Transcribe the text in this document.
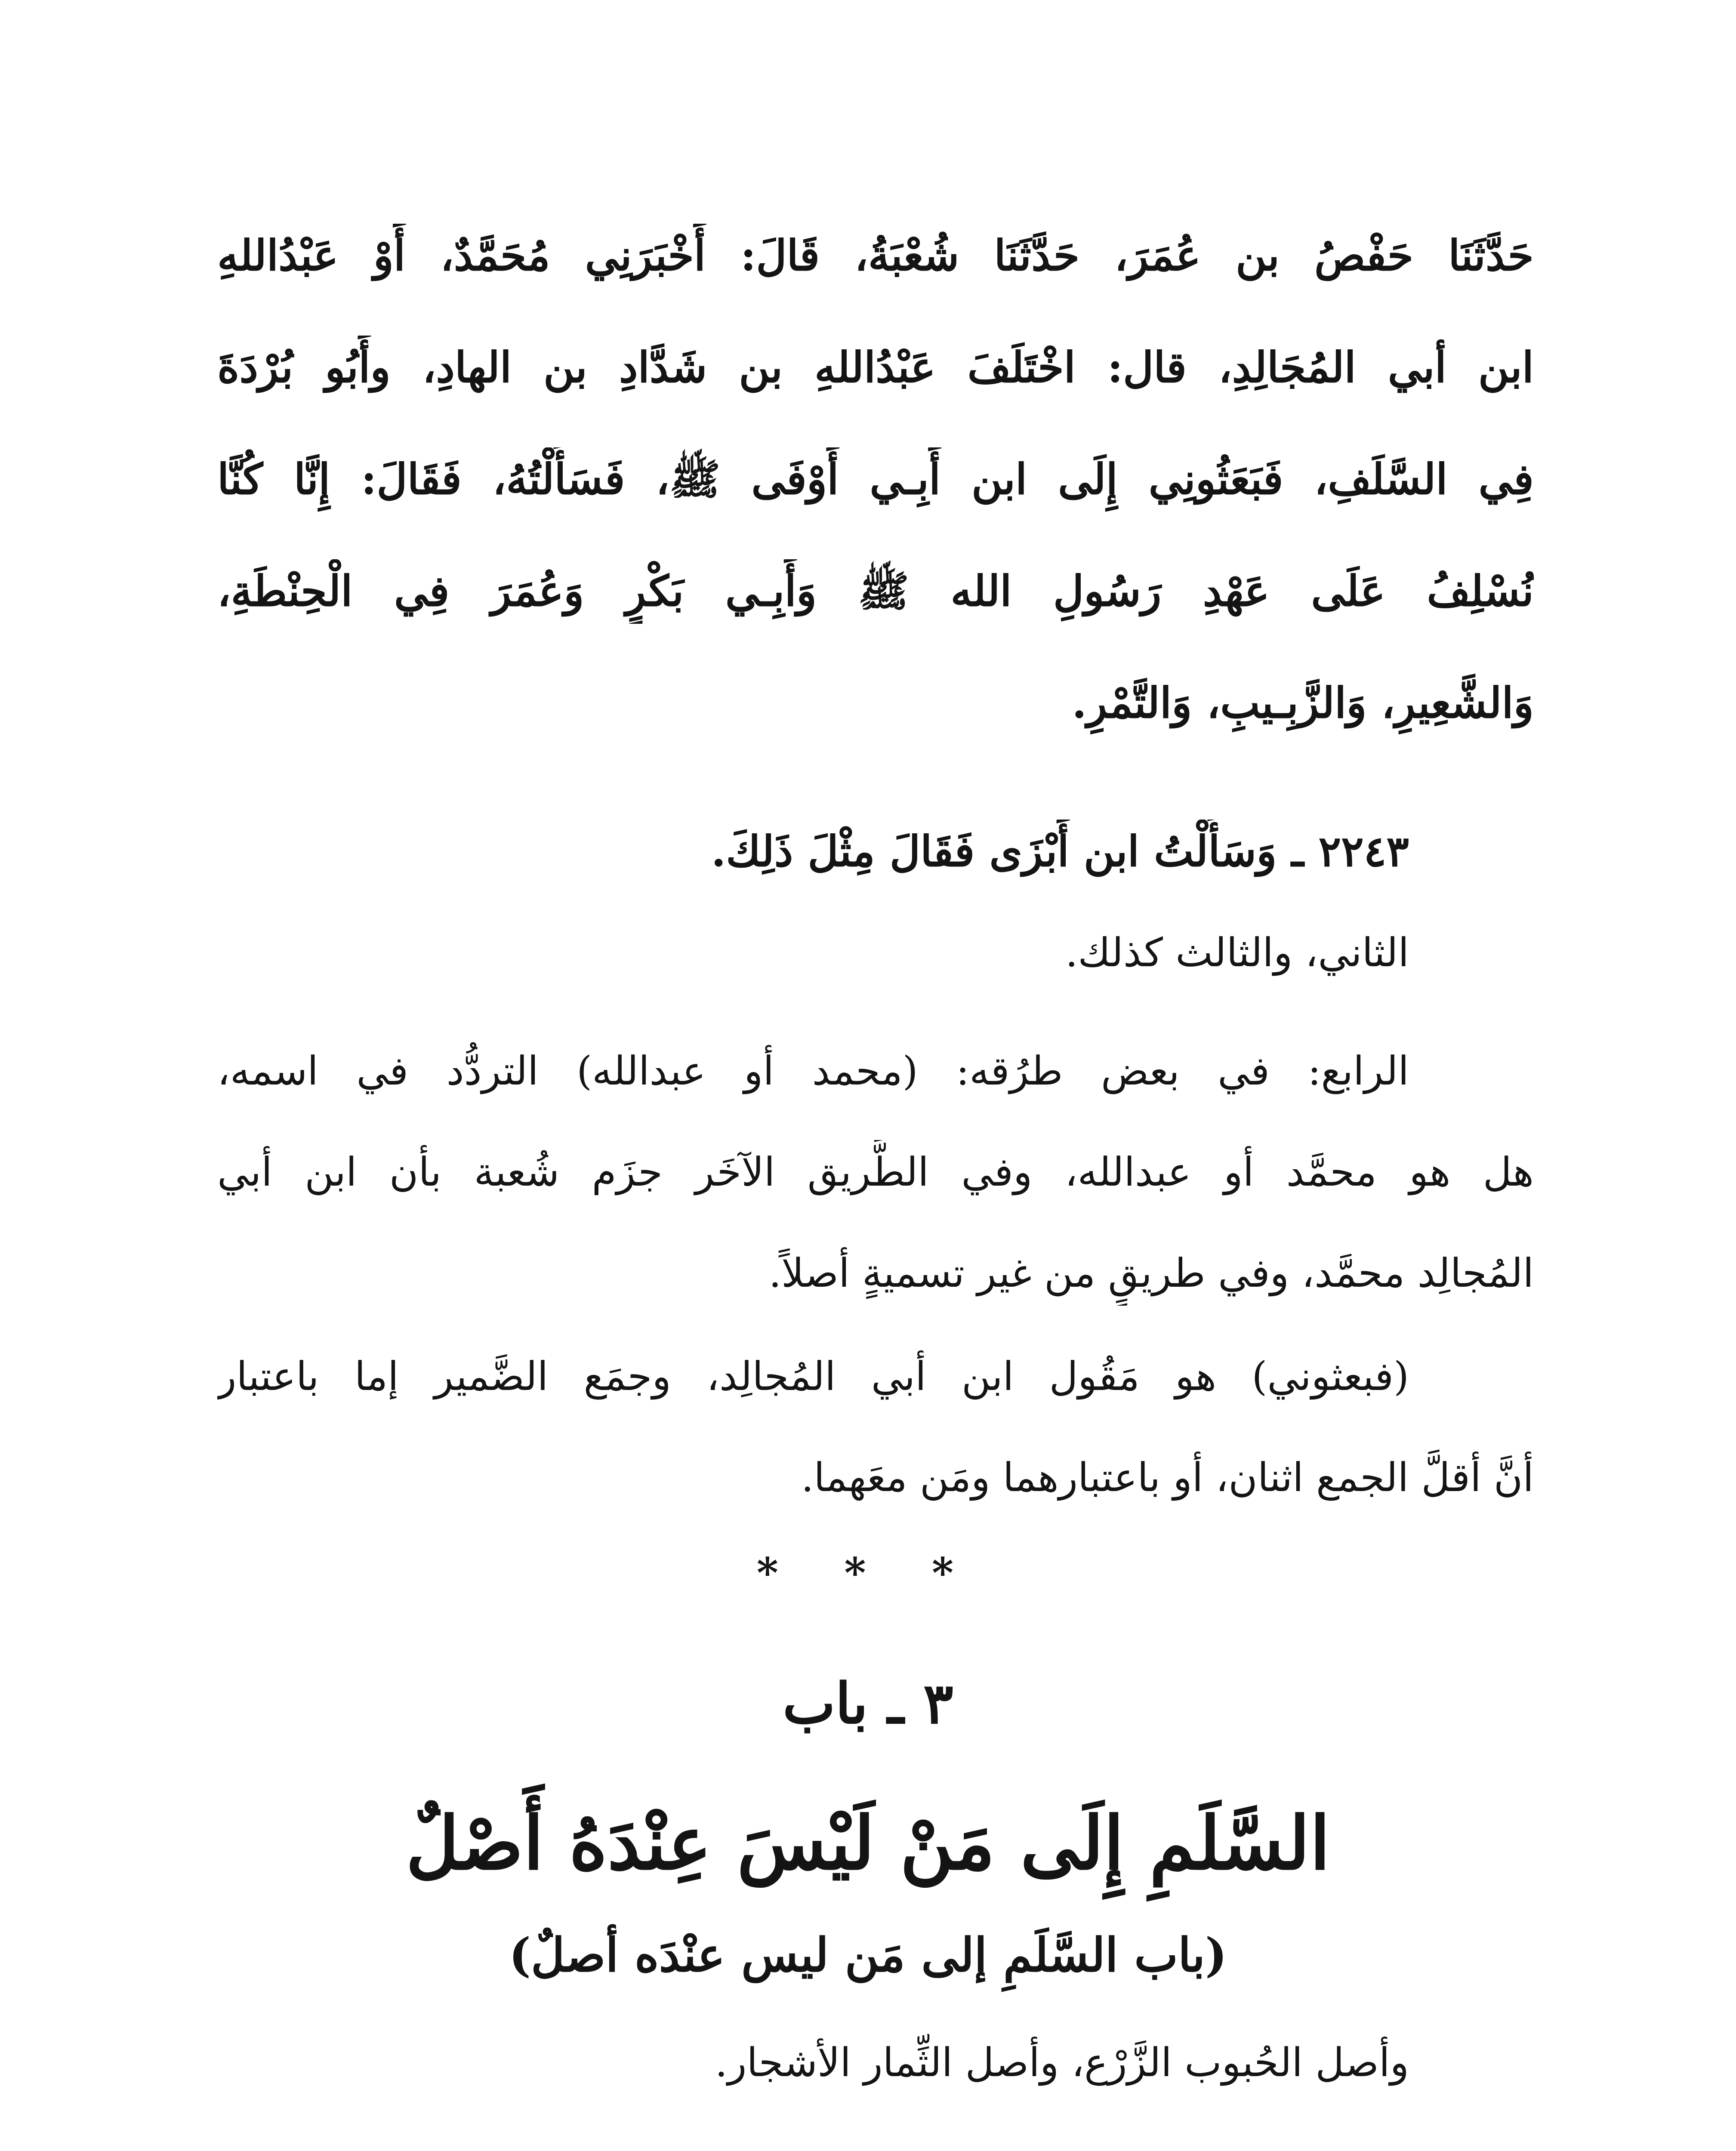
حَدَّثَنَا حَفْصُ بن عُمَرَ، حَدَّثَنَا شُعْبَةُ، قَالَ: أَخْبَرَنِي مُحَمَّدٌ، أَوْ عَبْدُاللهِ
ابن أبي المُجَالِدِ، قال: اخْتَلَفَ عَبْدُاللهِ بن شَدَّادِ بن الهادِ، وأَبُو بُرْدَةَ
فِي السَّلَفِ، فَبَعَثُونِي إِلَى ابن أَبِـي أَوْفَى ﷺ، فَسَأَلْتُهُ، فَقَالَ: إِنَّا كُنَّا
نُسْلِفُ عَلَى عَهْدِ رَسُولِ الله ﷺ وَأَبِـي بَكْرٍ وَعُمَرَ فِي الْحِنْطَةِ،
وَالشَّعِيرِ، وَالزَّبِـيبِ، وَالتَّمْرِ.
٢٢٤٣ ـ وَسَأَلْتُ ابن أَبْزَى فَقَالَ مِثْلَ ذَلِكَ.
الثاني، والثالث كذلك.
الرابع: في بعض طرُقه: (محمد أو عبدالله) التردُّد في اسمه،
هل هو محمَّد أو عبدالله، وفي الطَّريق الآخَر جزَم شُعبة بأن ابن أبي
المُجالِد محمَّد، وفي طريقٍ من غير تسميةٍ أصلاً.
(فبعثوني) هو مَقُول ابن أبي المُجالِد، وجمَع الضَّمير إما باعتبار
أنَّ أقلَّ الجمع اثنان، أو باعتبارهما ومَن معَهما.
* * *
٣ ـ باب
السَّلَمِ إِلَى مَنْ لَيْسَ عِنْدَهُ أَصْلٌ
(باب السَّلَمِ إلى مَن ليس عنْدَه أصلٌ)
وأصل الحُبوب الزَّرْع، وأصل الثِّمار الأشجار.
